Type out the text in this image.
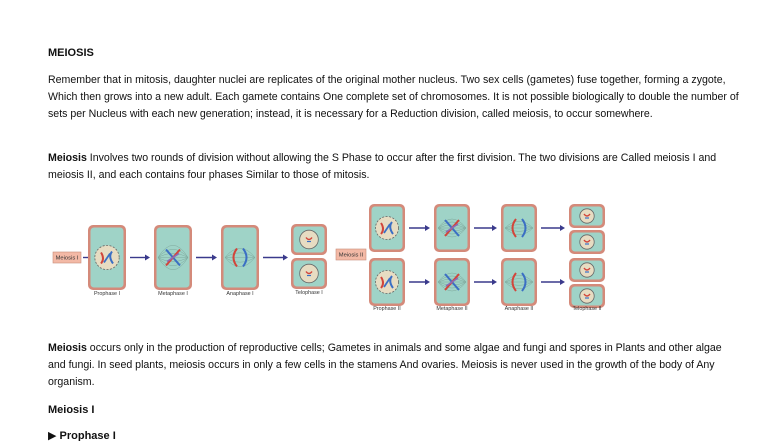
MEIOSIS

Remember that in mitosis, daughter nuclei are replicates of the original mother nucleus. Two sex cells (gametes) fuse together, forming a zygote, Which then grows into a new adult. Each gamete contains One complete set of chromosomes. It is not possible biologically to double the number of sets per Nucleus with each new generation; instead, it is necessary for a Reduction division, called meiosis, to occur somewhere.

Meiosis Involves two rounds of division without allowing the S Phase to occur after the first division. The two divisions are Called meiosis I and meiosis II, and each contains four phases Similar to those of mitosis.

Meiosis I
Prophase I	Metaphase I	Anaphase I	Telophase I
Meiosis II
Prophase II	Metaphase II	Anaphase II	Telophase II

Meiosis occurs only in the production of reproductive cells; Gametes in animals and some algae and fungi and spores in Plants and other algae and fungi. In seed plants, meiosis occurs in only a few cells in the stamens And ovaries. Meiosis is never used in the growth of the body of Any organism.

Meiosis I
▶ Prophase I
